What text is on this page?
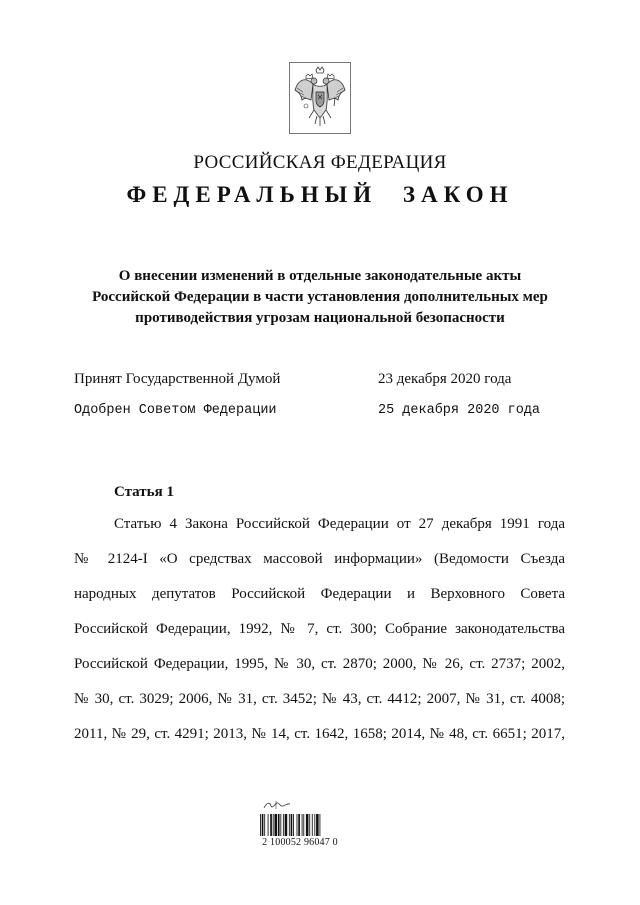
РОССИЙСКАЯ ФЕДЕРАЦИЯ
ФЕДЕРАЛЬНЫЙ ЗАКОН
О внесении изменений в отдельные законодательные акты
Российской Федерации в части установления дополнительных мер
противодействия угрозам национальной безопасности
Принят Государственной Думой	23 декабря 2020 года
Одобрен Советом Федерации	25 декабря 2020 года
Статья 1
Статью 4 Закона Российской Федерации от 27 декабря 1991 года
№ 2124-I «О средствах массовой информации» (Ведомости Съезда
народных депутатов Российской Федерации и Верховного Совета
Российской Федерации, 1992, № 7, ст. 300; Собрание законодательства
Российской Федерации, 1995, № 30, ст. 2870; 2000, № 26, ст. 2737; 2002,
№ 30, ст. 3029; 2006, № 31, ст. 3452; № 43, ст. 4412; 2007, № 31, ст. 4008;
2011, № 29, ст. 4291; 2013, № 14, ст. 1642, 1658; 2014, № 48, ст. 6651; 2017,
2 100052 96047 0
